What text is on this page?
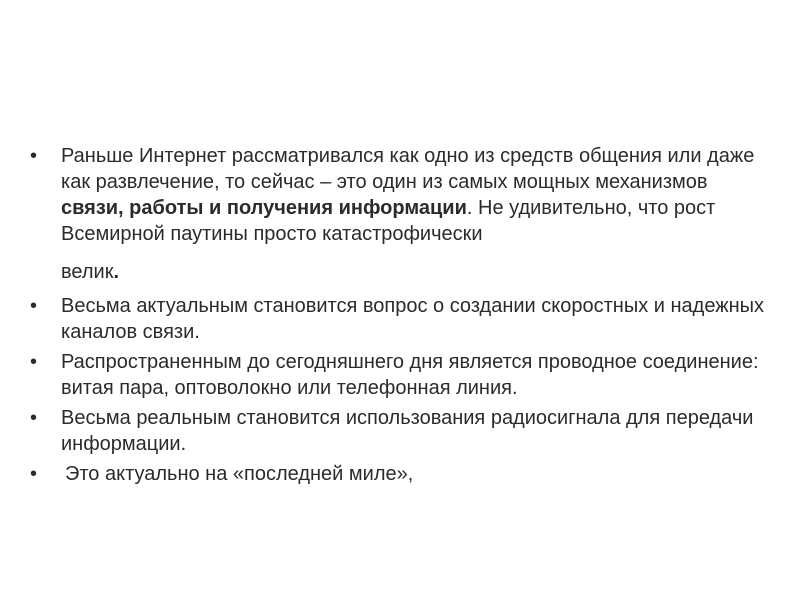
•	Раньше Интернет рассматривался как одно из средств общения или даже как развлечение, то сейчас – это один из самых мощных механизмов связи, работы и получения информации. Не удивительно, что рост Всемирной паутины просто катастрофически
велик.
•	Весьма актуальным становится вопрос о создании скоростных и надежных каналов связи.
•	Распространенным до сегодняшнего дня является проводное соединение: витая пара, оптоволокно или телефонная линия.
•	Весьма реальным становится использования радиосигнала для передачи информации.
•	Это актуально на «последней миле»,
